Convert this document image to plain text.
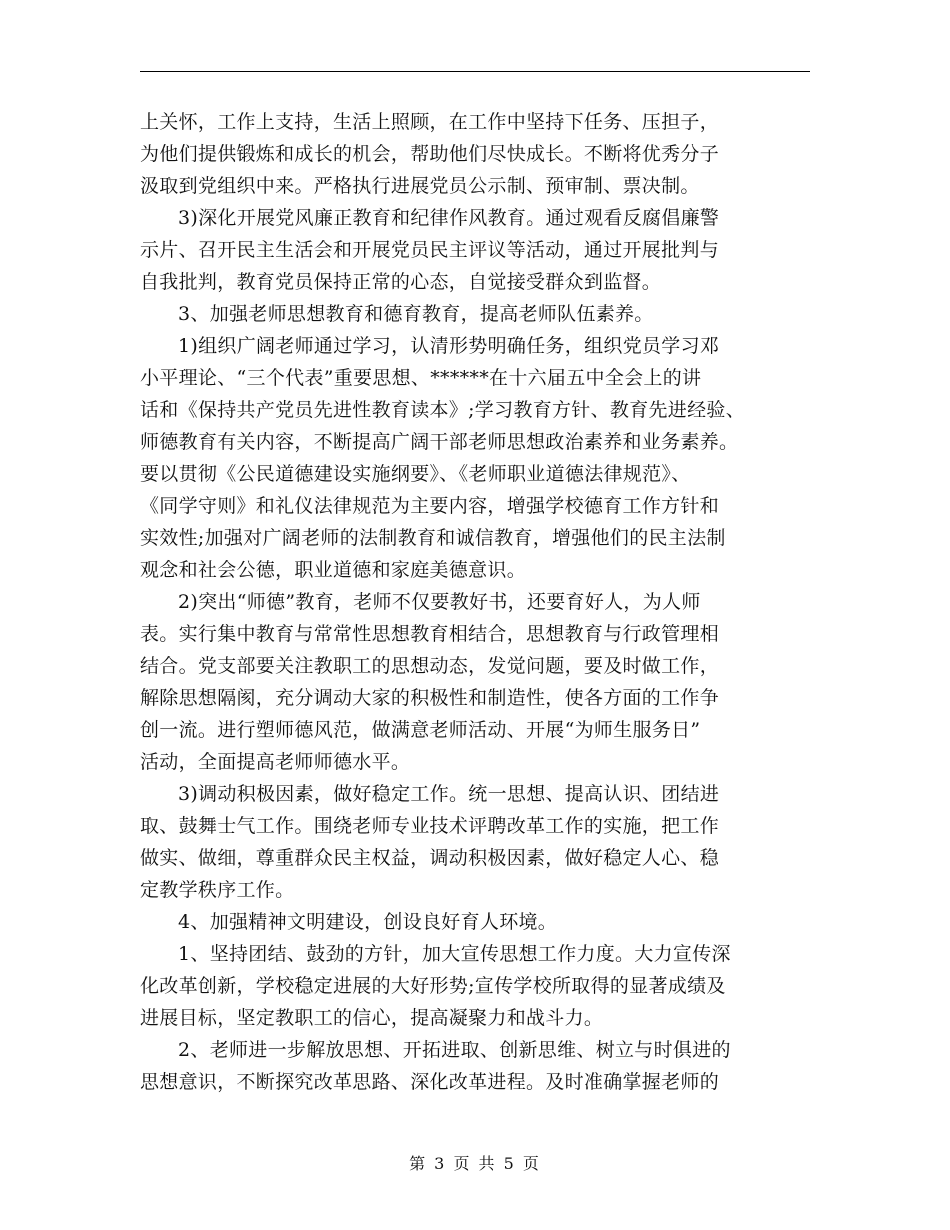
上关怀，工作上支持，生活上照顾，在工作中坚持下任务、压担子，
为他们提供锻炼和成长的机会，帮助他们尽快成长。不断将优秀分子
汲取到党组织中来。严格执行进展党员公示制、预审制、票决制。
3)深化开展党风廉正教育和纪律作风教育。通过观看反腐倡廉警
示片、召开民主生活会和开展党员民主评议等活动，通过开展批判与
自我批判，教育党员保持正常的心态，自觉接受群众到监督。
3、加强老师思想教育和德育教育，提高老师队伍素养。
1)组织广阔老师通过学习，认清形势明确任务，组织党员学习邓
小平理论、“三个代表”重要思想、******在十六届五中全会上的讲
话和《保持共产党员先进性教育读本》;学习教育方针、教育先进经验、
师德教育有关内容，不断提高广阔干部老师思想政治素养和业务素养。
要以贯彻《公民道德建设实施纲要》、《老师职业道德法律规范》、
《同学守则》和礼仪法律规范为主要内容，增强学校德育工作方针和
实效性;加强对广阔老师的法制教育和诚信教育，增强他们的民主法制
观念和社会公德，职业道德和家庭美德意识。
2)突出“师德”教育，老师不仅要教好书，还要育好人，为人师
表。实行集中教育与常常性思想教育相结合，思想教育与行政管理相
结合。党支部要关注教职工的思想动态，发觉问题，要及时做工作，
解除思想隔阂，充分调动大家的积极性和制造性，使各方面的工作争
创一流。进行塑师德风范，做满意老师活动、开展“为师生服务日”
活动，全面提高老师师德水平。
3)调动积极因素，做好稳定工作。统一思想、提高认识、团结进
取、鼓舞士气工作。围绕老师专业技术评聘改革工作的实施，把工作
做实、做细，尊重群众民主权益，调动积极因素，做好稳定人心、稳
定教学秩序工作。
4、加强精神文明建设，创设良好育人环境。
1、坚持团结、鼓劲的方针，加大宣传思想工作力度。大力宣传深
化改革创新，学校稳定进展的大好形势;宣传学校所取得的显著成绩及
进展目标，坚定教职工的信心，提高凝聚力和战斗力。
2、老师进一步解放思想、开拓进取、创新思维、树立与时俱进的
思想意识，不断探究改革思路、深化改革进程。及时准确掌握老师的
第 3 页 共 5 页
